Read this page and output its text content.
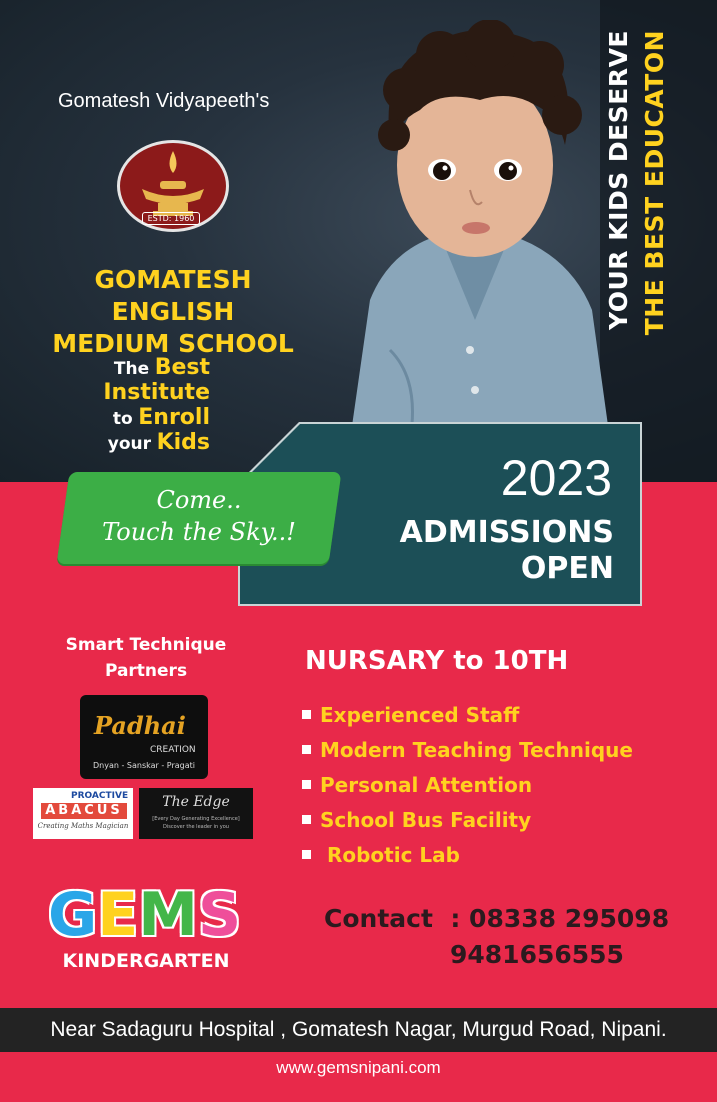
Gomatesh Vidyapeeth's
ESTD: 1960
GOMATESH ENGLISH
MEDIUM SCHOOL
The Best
Institute
to Enroll
your Kids
YOUR KIDS DESERVE THE BEST EDUCATON
2023
ADMISSIONS
OPEN
Come..
Touch the Sky..!
Smart Technique
Partners
Padhai
CREATION
Dnyan - Sanskar - Pragati
PROACTIVE
ABACUS
Creating Maths Magician
The Edge
[Every Day Generating Excellence]
Discover the leader in you
NURSARY to 10TH
Experienced Staff
Modern Teaching Technique
Personal Attention
School Bus Facility
Robotic Lab
GEMS
KINDERGARTEN
Contact  : 08338 295098
9481656555
Near Sadaguru Hospital , Gomatesh Nagar, Murgud Road, Nipani.
www.gemsnipani.com
